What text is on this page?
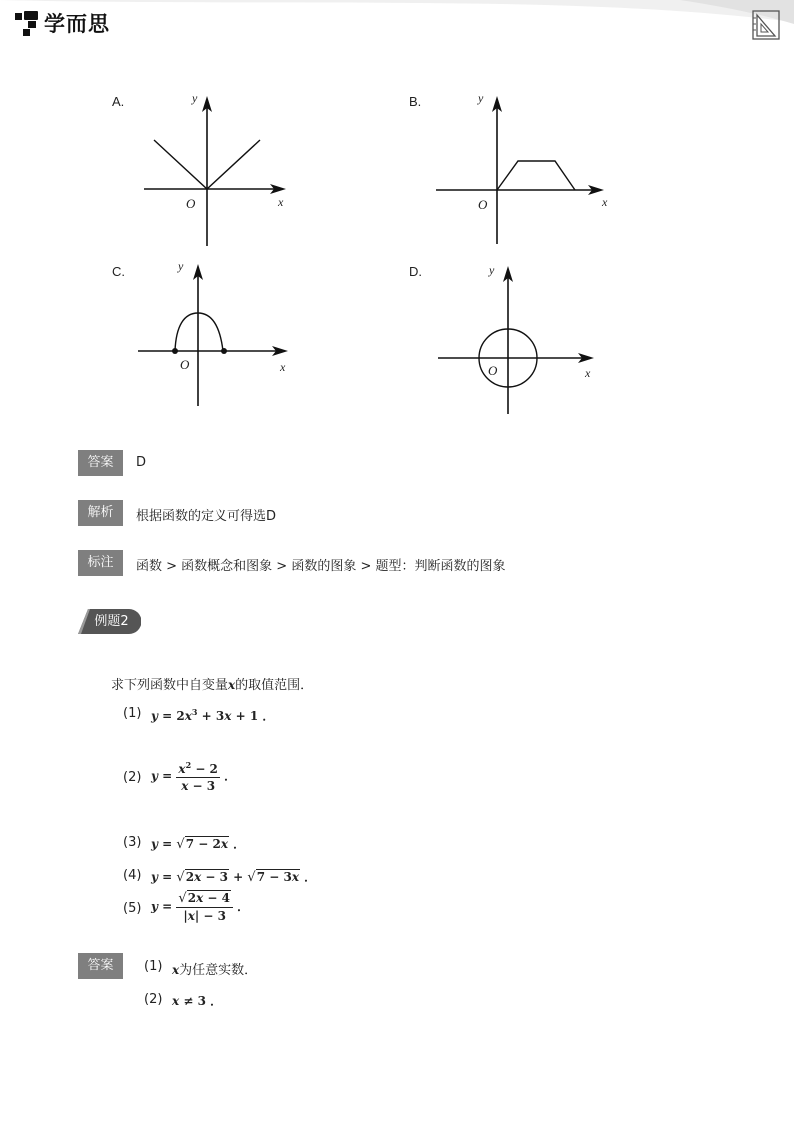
学而思
A.	y
x
O
B.	y
x
O
C.	y
x
O
D.	y
x
O
答案	D
解析	根据函数的定义可得选D
标注	函数 > 函数概念和图象 > 函数的图象 > 题型：判断函数的图象
例题2
求下列函数中自变量x的取值范围．
(1) $y = 2x^3 + 3x + 1$ ．
(2) $y = \frac{x^2 - 2}{x - 3}$ ．
(3) y = √7 − 2x ．
(4) y = √2x − 3 + √7 − 3x ．
(5) $y = \frac{√2x - 4}{|x| - 3}$ ．
答案	(1) x为任意实数．
(2) x ≠ 3 ．
